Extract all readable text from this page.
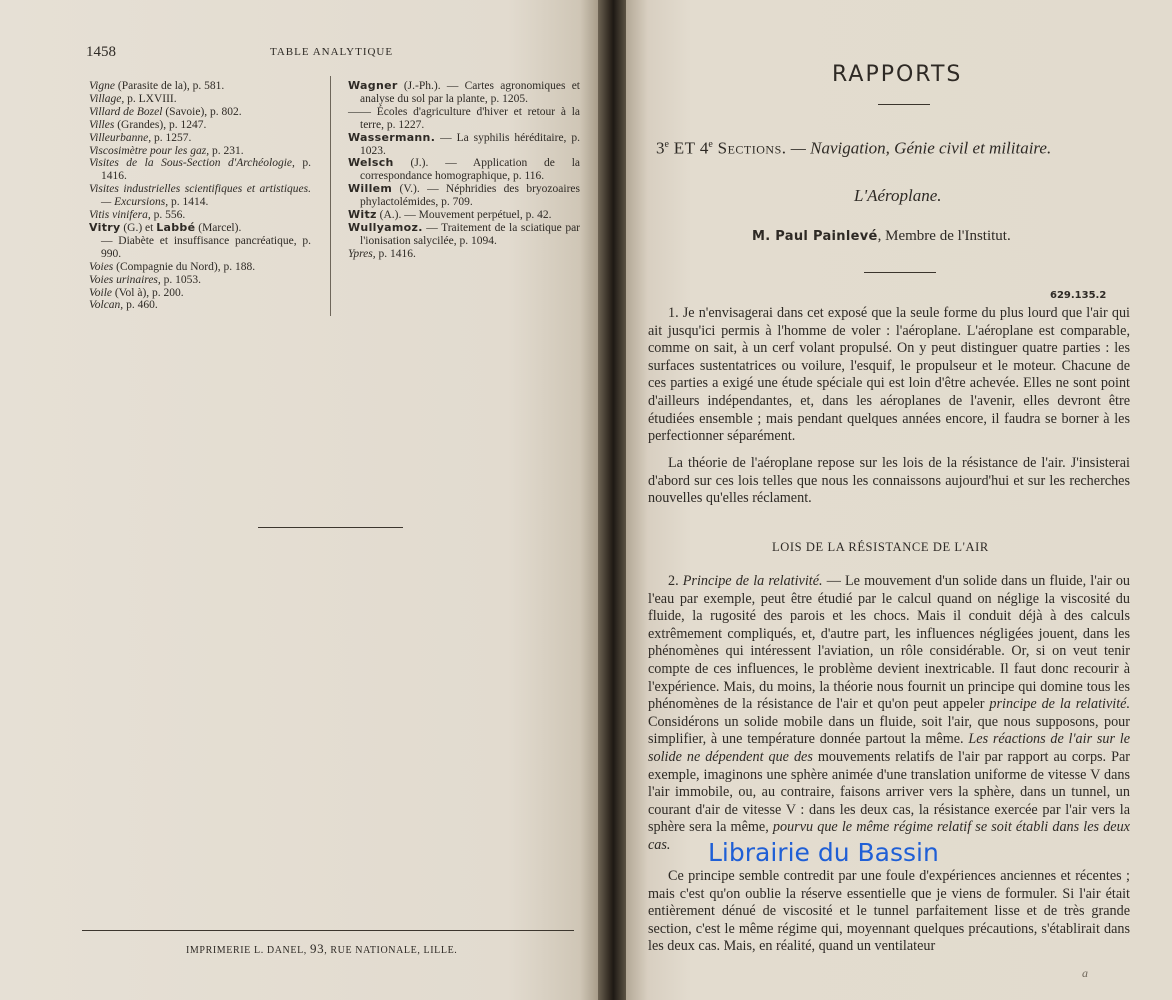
1458	TABLE ANALYTIQUE

Vigne (Parasite de la), p. 581.

Village, p. LXVIII.

Villard de Bozel (Savoie), p. 802.

Villes (Grandes), p. 1247.

Villeurbanne, p. 1257.

Viscosimètre pour les gaz, p. 231.

Visites de la Sous-Section d'Archéologie, p. 1416.

Visites industrielles scientifiques et artistiques. — Excursions, p. 1414.

Vitis vinifera, p. 556.

Vitry (G.) et Labbé (Marcel).
— Diabète et insuffisance pancréatique, p. 990.

Voies (Compagnie du Nord), p. 188.

Voies urinaires, p. 1053.

Voile (Vol à), p. 200.

Volcan, p. 460.

Wagner (J.-Ph.). — Cartes agronomiques et analyse du sol par la plante, p. 1205.

—— Écoles d'agriculture d'hiver et retour à la terre, p. 1227.

Wassermann. — La syphilis héréditaire, p. 1023.

Welsch (J.). — Application de la correspondance homographique, p. 116.

Willem (V.). — Néphridies des bryozoaires phylactolémides, p. 709.

Witz (A.). — Mouvement perpétuel, p. 42.

Wullyamoz. — Traitement de la sciatique par l'ionisation salycilée, p. 1094.

Ypres, p. 1416.

IMPRIMERIE L. DANEL, 93, RUE NATIONALE, LILLE.
RAPPORTS
3e ET 4e Sections. — Navigation, Génie civil et militaire.
L'Aéroplane.
M. Paul Painlevé, Membre de l'Institut.
629.135.2

1. Je n'envisagerai dans cet exposé que la seule forme du plus lourd que l'air qui ait jusqu'ici permis à l'homme de voler : l'aéroplane. L'aéroplane est comparable, comme on sait, à un cerf volant propulsé. On y peut distinguer quatre parties : les surfaces sustentatrices ou voilure, l'esquif, le propulseur et le moteur. Chacune de ces parties a exigé une étude spéciale qui est loin d'être achevée. Elles ne sont point d'ailleurs indépendantes, et, dans les aéroplanes de l'avenir, elles devront être étudiées ensemble ; mais pendant quelques années encore, il faudra se borner à les perfectionner séparément.

La théorie de l'aéroplane repose sur les lois de la résistance de l'air. J'insisterai d'abord sur ces lois telles que nous les connaissons aujourd'hui et sur les recherches nouvelles qu'elles réclament.

LOIS DE LA RÉSISTANCE DE L'AIR

2. Principe de la relativité. — Le mouvement d'un solide dans un fluide, l'air ou l'eau par exemple, peut être étudié par le calcul quand on néglige la viscosité du fluide, la rugosité des parois et les chocs. Mais il conduit déjà à des calculs extrêmement compliqués, et, d'autre part, les influences négligées jouent, dans les phénomènes qui intéressent l'aviation, un rôle considérable. Or, si on veut tenir compte de ces influences, le problème devient inextricable. Il faut donc recourir à l'expérience. Mais, du moins, la théorie nous fournit un principe qui domine tous les phénomènes de la résistance de l'air et qu'on peut appeler principe de la relativité. Considérons un solide mobile dans un fluide, soit l'air, que nous supposons, pour simplifier, à une température donnée partout la même. Les réactions de l'air sur le solide ne dépendent que des mouvements relatifs de l'air par rapport au corps. Par exemple, imaginons une sphère animée d'une translation uniforme de vitesse V dans l'air immobile, ou, au contraire, faisons arriver vers la sphère, dans un tunnel, un courant d'air de vitesse V : dans les deux cas, la résistance exercée par l'air vers la sphère sera la même, pourvu que le même régime relatif se soit établi dans les deux cas.

Ce principe semble contredit par une foule d'expériences anciennes et récentes ; mais c'est qu'on oublie la réserve essentielle que je viens de formuler. Si l'air était entièrement dénué de viscosité et le tunnel parfaitement lisse et de très grande section, c'est le même régime qui, moyennant quelques précautions, s'établirait dans les deux cas. Mais, en réalité, quand un ventilateur

a
Librairie du Bassin
